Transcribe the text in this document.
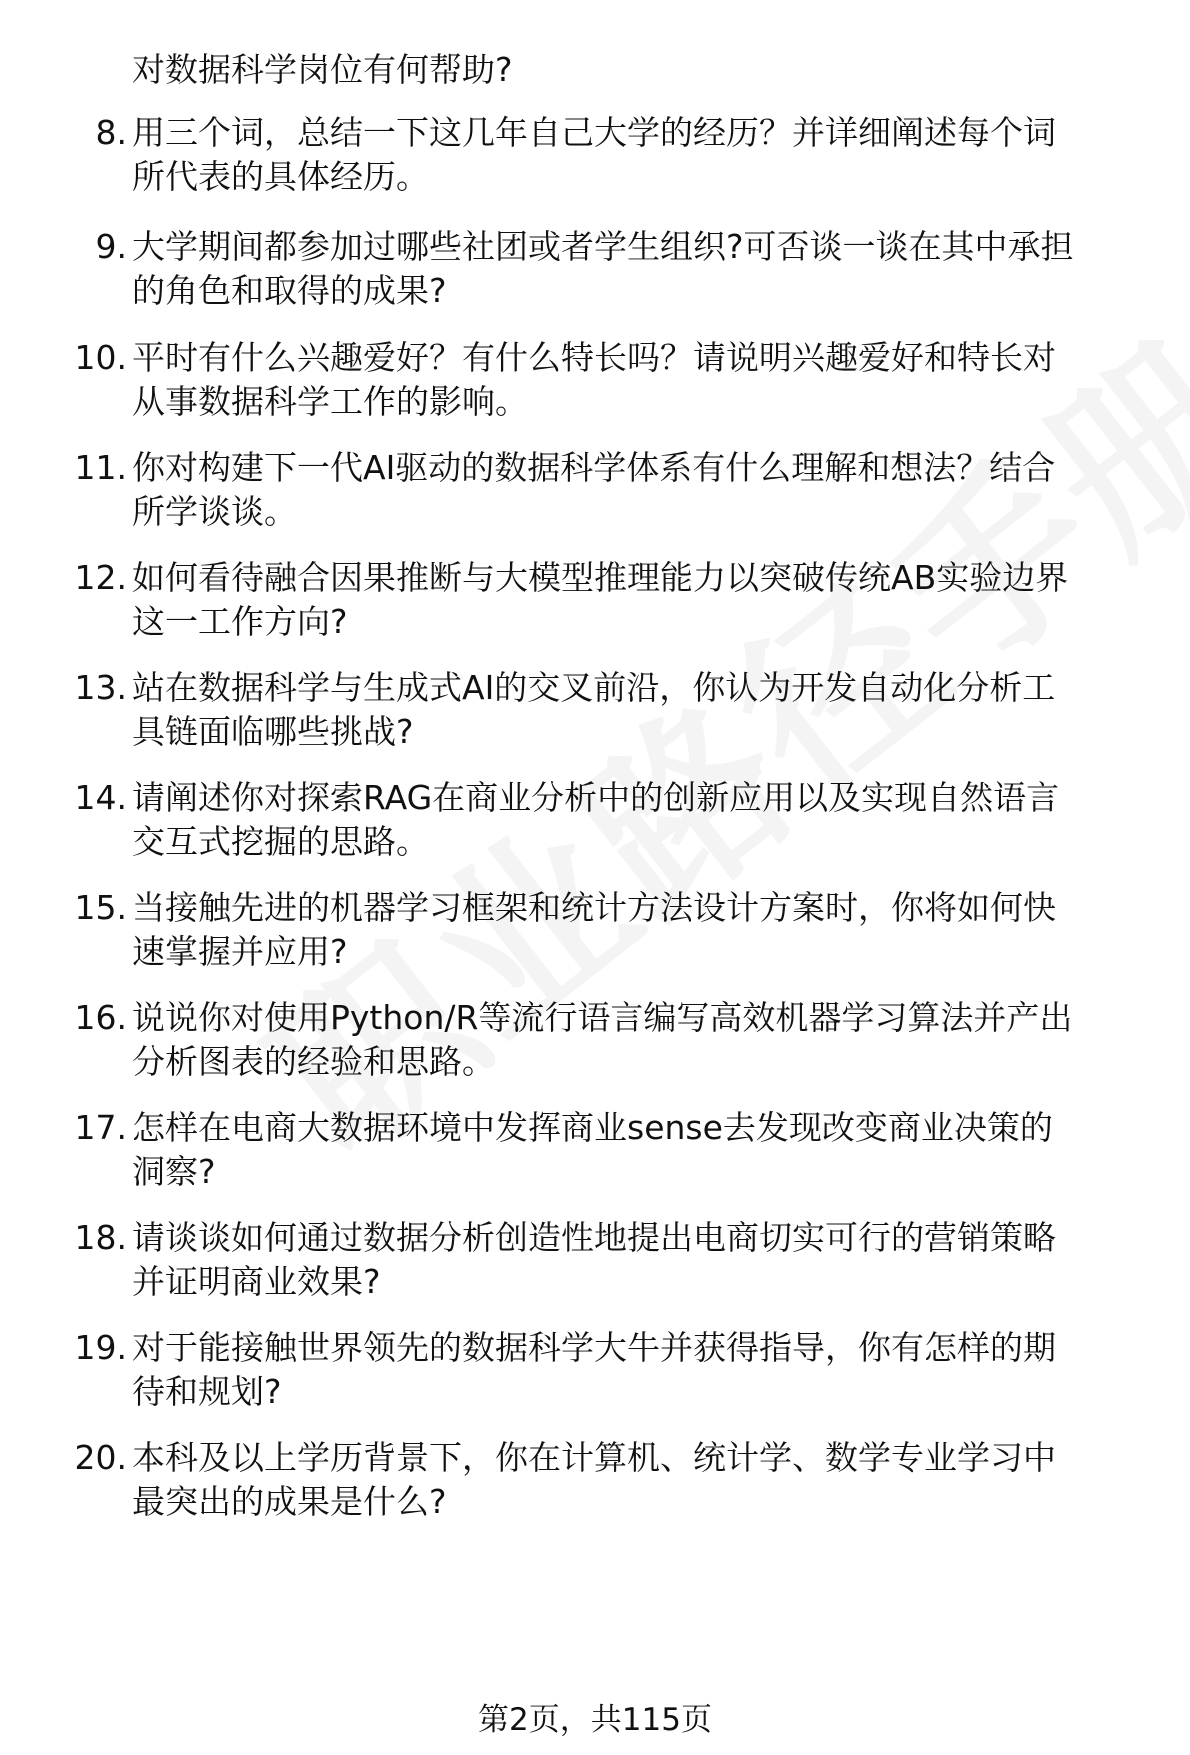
对数据科学岗位有何帮助?
8. 用三个词，总结一下这几年自己大学的经历？并详细阐述每个词
所代表的具体经历。
9. 大学期间都参加过哪些社团或者学生组织?可否谈一谈在其中承担
的角色和取得的成果?
10. 平时有什么兴趣爱好？有什么特长吗？请说明兴趣爱好和特长对
从事数据科学工作的影响。
11. 你对构建下一代AI驱动的数据科学体系有什么理解和想法？结合
所学谈谈。
12. 如何看待融合因果推断与大模型推理能力以突破传统AB实验边界
这一工作方向?
13. 站在数据科学与生成式AI的交叉前沿，你认为开发自动化分析工
具链面临哪些挑战?
14. 请阐述你对探索RAG在商业分析中的创新应用以及实现自然语言
交互式挖掘的思路。
15. 当接触先进的机器学习框架和统计方法设计方案时，你将如何快
速掌握并应用?
16. 说说你对使用Python/R等流行语言编写高效机器学习算法并产出
分析图表的经验和思路。
17. 怎样在电商大数据环境中发挥商业sense去发现改变商业决策的
洞察?
18. 请谈谈如何通过数据分析创造性地提出电商切实可行的营销策略
并证明商业效果?
19. 对于能接触世界领先的数据科学大牛并获得指导，你有怎样的期
待和规划?
20. 本科及以上学历背景下，你在计算机、统计学、数学专业学习中
最突出的成果是什么?
第2页，共115页
